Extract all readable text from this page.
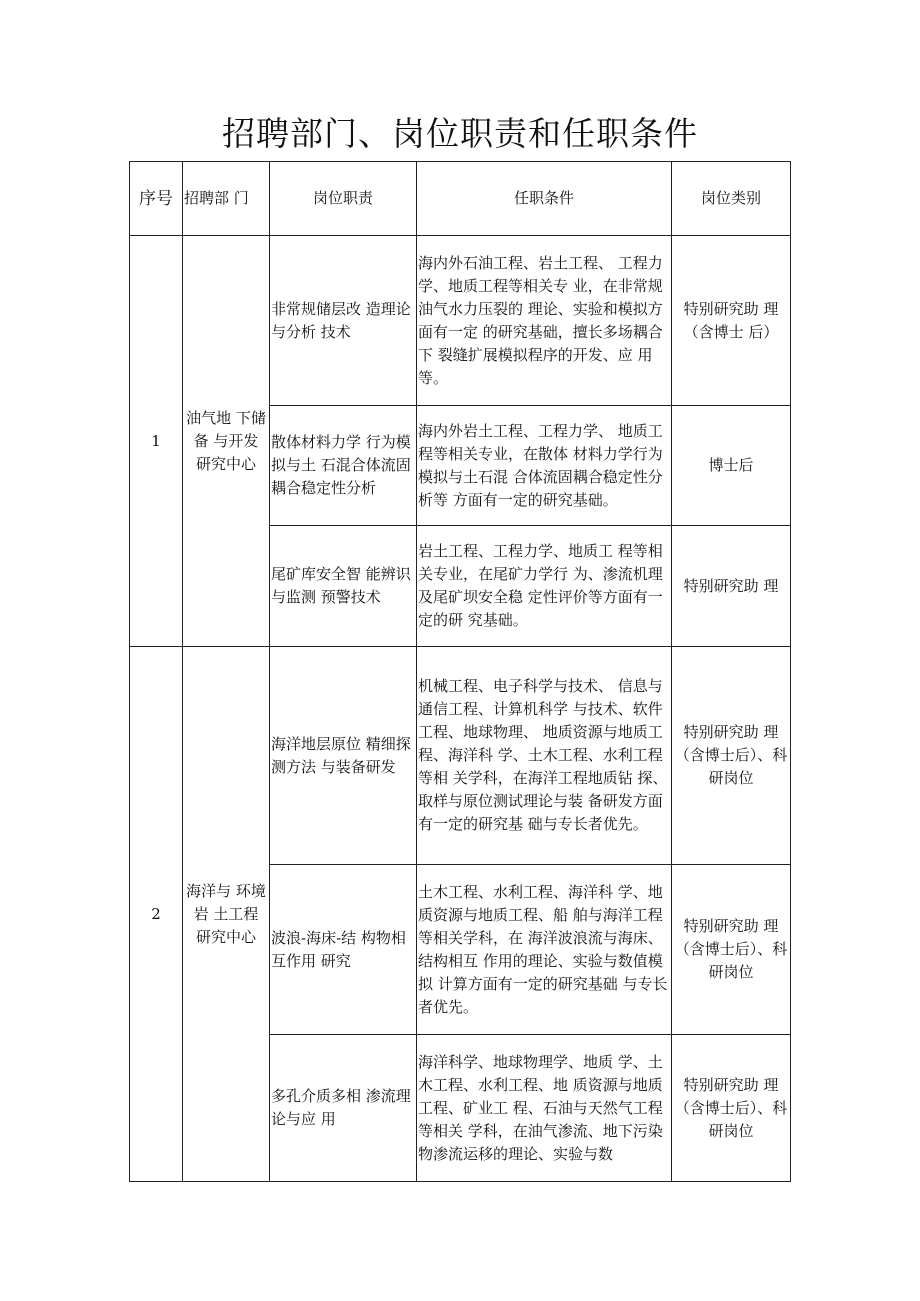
招聘部门、岗位职责和任职条件
序号	招聘部 门	岗位职责	任职条件	岗位类别
1	油气地 下储备 与开发 研究中心	非常规储层改 造理论与分析 技术	海内外石油工程、岩土工程、 工程力学、地质工程等相关专 业，在非常规油气水力压裂的 理论、实验和模拟方面有一定 的研究基础，擅长多场耦合下 裂缝扩展模拟程序的开发、应 用等。	特别研究助 理（含博士 后）
		散体材料力学 行为模拟与土 石混合体流固 耦合稳定性分析	海内外岩土工程、工程力学、 地质工程等相关专业，在散体 材料力学行为模拟与土石混 合体流固耦合稳定性分析等 方面有一定的研究基础。	博士后
		尾矿库安全智 能辨识与监测 预警技术	岩土工程、工程力学、地质工 程等相关专业，在尾矿力学行 为、渗流机理及尾矿坝安全稳 定性评价等方面有一定的研 究基础。	特别研究助 理
2	海洋与 环境岩 土工程 研究中心	海洋地层原位 精细探测方法 与装备研发	机械工程、电子科学与技术、 信息与通信工程、计算机科学 与技术、软件工程、地球物理、 地质资源与地质工程、海洋科 学、土木工程、水利工程等相 关学科，在海洋工程地质钻 探、取样与原位测试理论与装 备研发方面有一定的研究基 础与专长者优先。	特别研究助 理（含博士后）、科研岗位
		波浪-海床-结 构物相互作用 研究	土木工程、水利工程、海洋科 学、地质资源与地质工程、船 舶与海洋工程等相关学科，在 海洋波浪流与海床、结构相互 作用的理论、实验与数值模拟 计算方面有一定的研究基础 与专长者优先。	特别研究助 理（含博士后）、科研岗位
		多孔介质多相 渗流理论与应 用	海洋科学、地球物理学、地质 学、土木工程、水利工程、地 质资源与地质工程、矿业工 程、石油与天然气工程等相关 学科，在油气渗流、地下污染 物渗流运移的理论、实验与数	特别研究助 理（含博士后）、科研岗位
